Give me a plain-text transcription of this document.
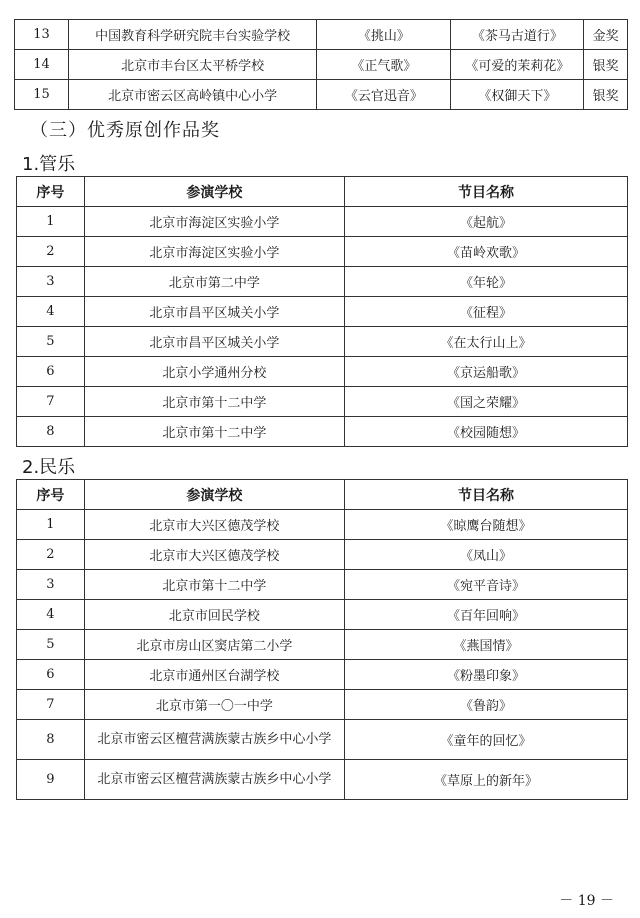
13	中国教育科学研究院丰台实验学校	《挑山》	《茶马古道行》	金奖
14	北京市丰台区太平桥学校	《正气歌》	《可爱的茉莉花》	银奖
15	北京市密云区高岭镇中心小学	《云官迅音》	《权御天下》	银奖
（三）优秀原创作品奖
1.管乐
序号	参演学校	节目名称
1	北京市海淀区实验小学	《起航》
2	北京市海淀区实验小学	《苗岭欢歌》
3	北京市第二中学	《年轮》
4	北京市昌平区城关小学	《征程》
5	北京市昌平区城关小学	《在太行山上》
6	北京小学通州分校	《京运船歌》
7	北京市第十二中学	《国之荣耀》
8	北京市第十二中学	《校园随想》
2.民乐
序号	参演学校	节目名称
1	北京市大兴区德茂学校	《晾鹰台随想》
2	北京市大兴区德茂学校	《凤山》
3	北京市第十二中学	《宛平音诗》
4	北京市回民学校	《百年回响》
5	北京市房山区窦店第二小学	《燕国情》
6	北京市通州区台湖学校	《粉墨印象》
7	北京市第一〇一中学	《鲁韵》
8	北京市密云区檀营满族蒙古族乡中心小学	《童年的回忆》
9	北京市密云区檀营满族蒙古族乡中心小学	《草原上的新年》
－ 19 －
